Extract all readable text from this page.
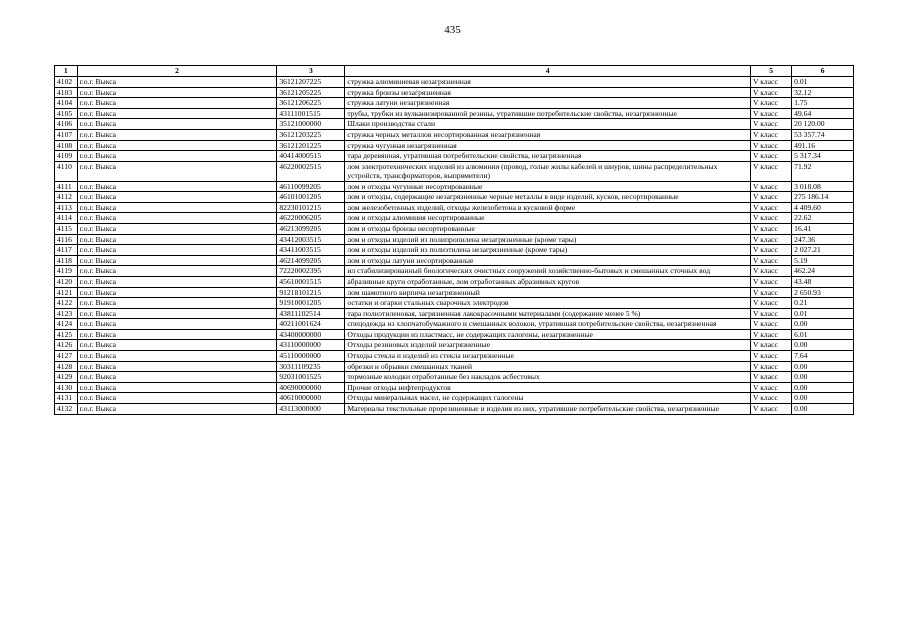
435
1	2	3	4	5	6
4102	г.о.г. Выкса	36121207225	стружка алюминиевая незагрязненная	V класс	0.01
4103	г.о.г. Выкса	36121205225	стружка бронзы незагрязненная	V класс	32.12
4104	г.о.г. Выкса	36121206225	стружка латуни незагрязненная	V класс	1.75
4105	г.о.г. Выкса	43111001515	трубы, трубки из вулканизированной резины, утратившие потребительские свойства, незагрязненные	V класс	49.64
4106	г.о.г. Выкса	35121000000	Шлаки производства стали	V класс	20 120.00
4107	г.о.г. Выкса	36121203225	стружка черных металлов несортированная незагрязненная	V класс	53 357.74
4108	г.о.г. Выкса	36121201225	стружка чугунная незагрязненная	V класс	491.16
4109	г.о.г. Выкса	40414000515	тара деревянная, утратившая потребительские свойства, незагрязненная	V класс	5 317.34
4110	г.о.г. Выкса	46220002515	лом электротехнических изделий из алюминия (провод, голые жилы кабелей и шнуров, шины распределительных устройств, трансформаторов, выпрямители)	V класс	71.92
4111	г.о.г. Выкса	46110099205	лом и отходы чугунные несортированные	V класс	3 018.08
4112	г.о.г. Выкса	46101001205	лом и отходы, содержащие незагрязненные черные металлы в виде изделий, кусков, несортированные	V класс	275 186.14
4113	г.о.г. Выкса	82230101215	лом железобетонных изделий, отходы железобетона в кусковой форме	V класс	4 409.60
4114	г.о.г. Выкса	46220006205	лом и отходы алюминия несортированные	V класс	22.62
4115	г.о.г. Выкса	46213099205	лом и отходы бронзы несортированные	V класс	16.41
4116	г.о.г. Выкса	43412003515	лом и отходы изделий из полипропилена незагрязненные (кроме тары)	V класс	247.36
4117	г.о.г. Выкса	43411003515	лом и отходы изделий из полиэтилена незагрязненные (кроме тары)	V класс	2 027.21
4118	г.о.г. Выкса	46214099205	лом и отходы латуни несортированные	V класс	5.19
4119	г.о.г. Выкса	72220002395	ил стабилизированный биологических очистных сооружений хозяйственно-бытовых и смешанных сточных вод	V класс	462.24
4120	г.о.г. Выкса	45610001515	абразивные круги отработанные, лом отработанных абразивных кругов	V класс	43.48
4121	г.о.г. Выкса	91218101215	лом шамотного кирпича незагрязненный	V класс	2 650.93
4122	г.о.г. Выкса	91910001205	остатки и огарки стальных сварочных электродов	V класс	0.21
4123	г.о.г. Выкса	43811102514	тара полиэтиленовая, загрязненная лакокрасочными материалами (содержание менее 5 %)	V класс	0.01
4124	г.о.г. Выкса	40211001624	спецодежда из хлопчатобумажного и смешанных волокон, утратившая потребительские свойства, незагрязненная	V класс	0.00
4125	г.о.г. Выкса	43400000000	Отходы продукции из пластмасс, не содержащих галогены, незагрязненные	V класс	6.01
4126	г.о.г. Выкса	43110000000	Отходы резиновых изделий незагрязненные	V класс	0.00
4127	г.о.г. Выкса	45110000000	Отходы стекла и изделий из стекла незагрязненные	V класс	7.64
4128	г.о.г. Выкса	30311109235	обрезки и обрывки смешанных тканей	V класс	0.00
4129	г.о.г. Выкса	92031001525	тормозные колодки отработанные без накладок асбестовых	V класс	0.00
4130	г.о.г. Выкса	40690000000	Прочие отходы нефтепродуктов	V класс	0.00
4131	г.о.г. Выкса	40610000000	Отходы минеральных масел, не содержащих галогены	V класс	0.00
4132	г.о.г. Выкса	43113000000	Материалы текстильные прорезиненные и изделия из них, утратившие потребительские свойства, незагрязненные	V класс	0.00
